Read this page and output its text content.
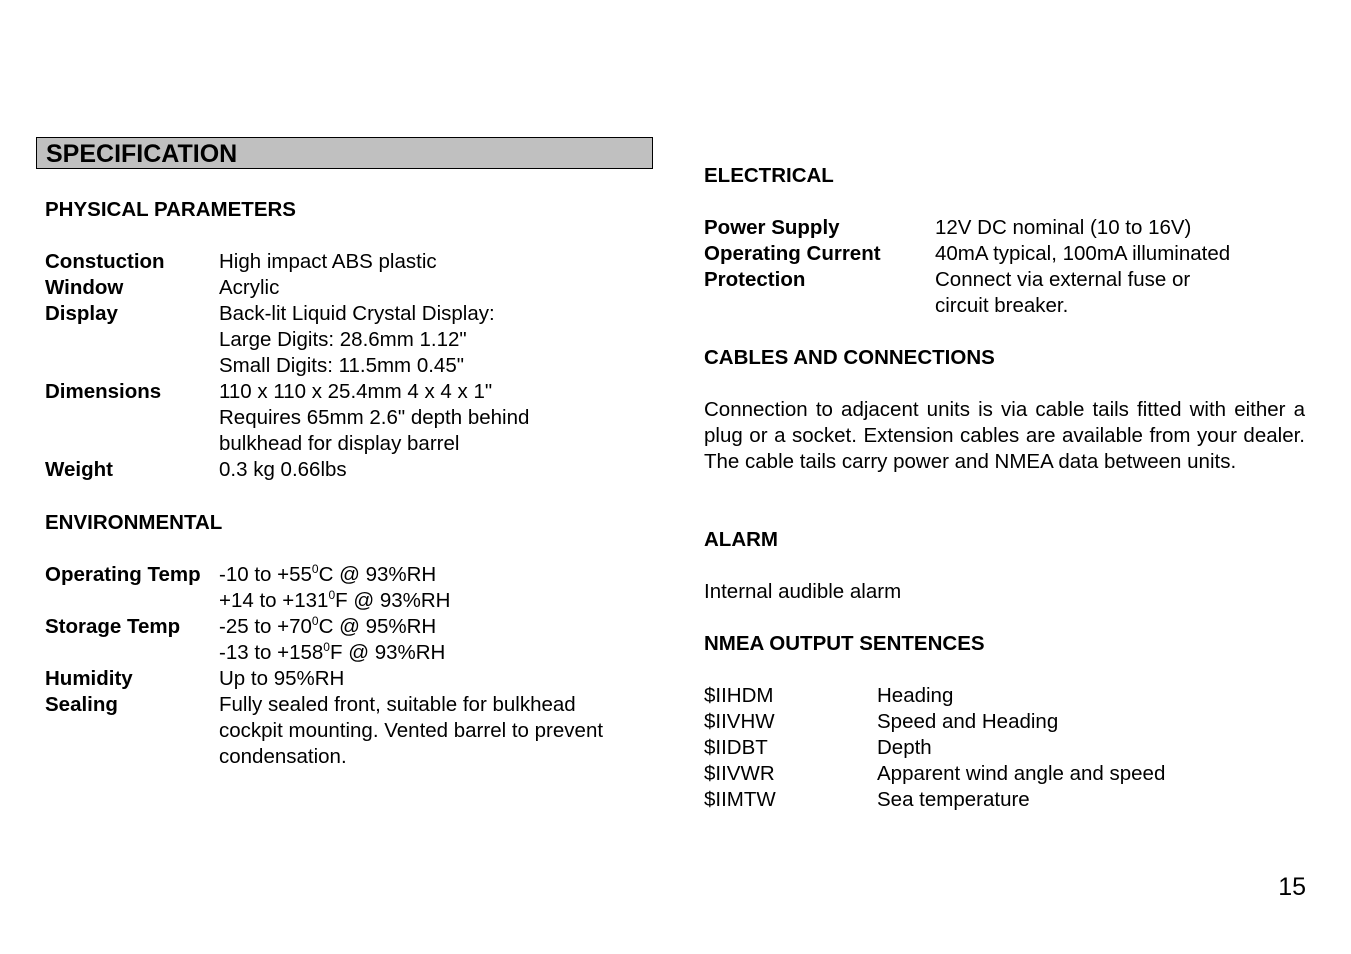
SPECIFICATION
PHYSICAL PARAMETERS
Constuction	High impact ABS plastic
Window	Acrylic
Display	Back-lit Liquid Crystal Display:
Large Digits: 28.6mm 1.12"
Small Digits: 11.5mm 0.45"
Dimensions	110 x 110 x 25.4mm 4 x 4 x 1"
Requires 65mm 2.6" depth behind
bulkhead for display barrel
Weight	0.3 kg 0.66lbs
ENVIRONMENTAL
Operating Temp -10 to $+55^0C$ @ 93%RH
+14 to $+131^0F$ @ 93%RH
Storage Temp -25 to $+70^0C$ @ 95%RH
-13 to $+158^0F$ @ 93%RH
Humidity	Up to 95%RH
Sealing	Fully sealed front, suitable for bulkhead
cockpit mounting. Vented barrel to prevent
condensation.
ELECTRICAL
Power Supply	12V DC nominal (10 to 16V)
Operating Current	40mA typical, 100mA illuminated
Protection	Connect via external fuse or
circuit breaker.
CABLES AND CONNECTIONS
Connection to adjacent units is via cable tails fitted with either a plug or a socket. Extension cables are available from your dealer. The cable tails carry power and NMEA data between units.
ALARM
Internal audible alarm
NMEA OUTPUT SENTENCES
$IIHDM	Heading
$IIVHW	Speed and Heading
$IIDBT	Depth
$IIVWR	Apparent wind angle and speed
$IIMTW	Sea temperature
15
